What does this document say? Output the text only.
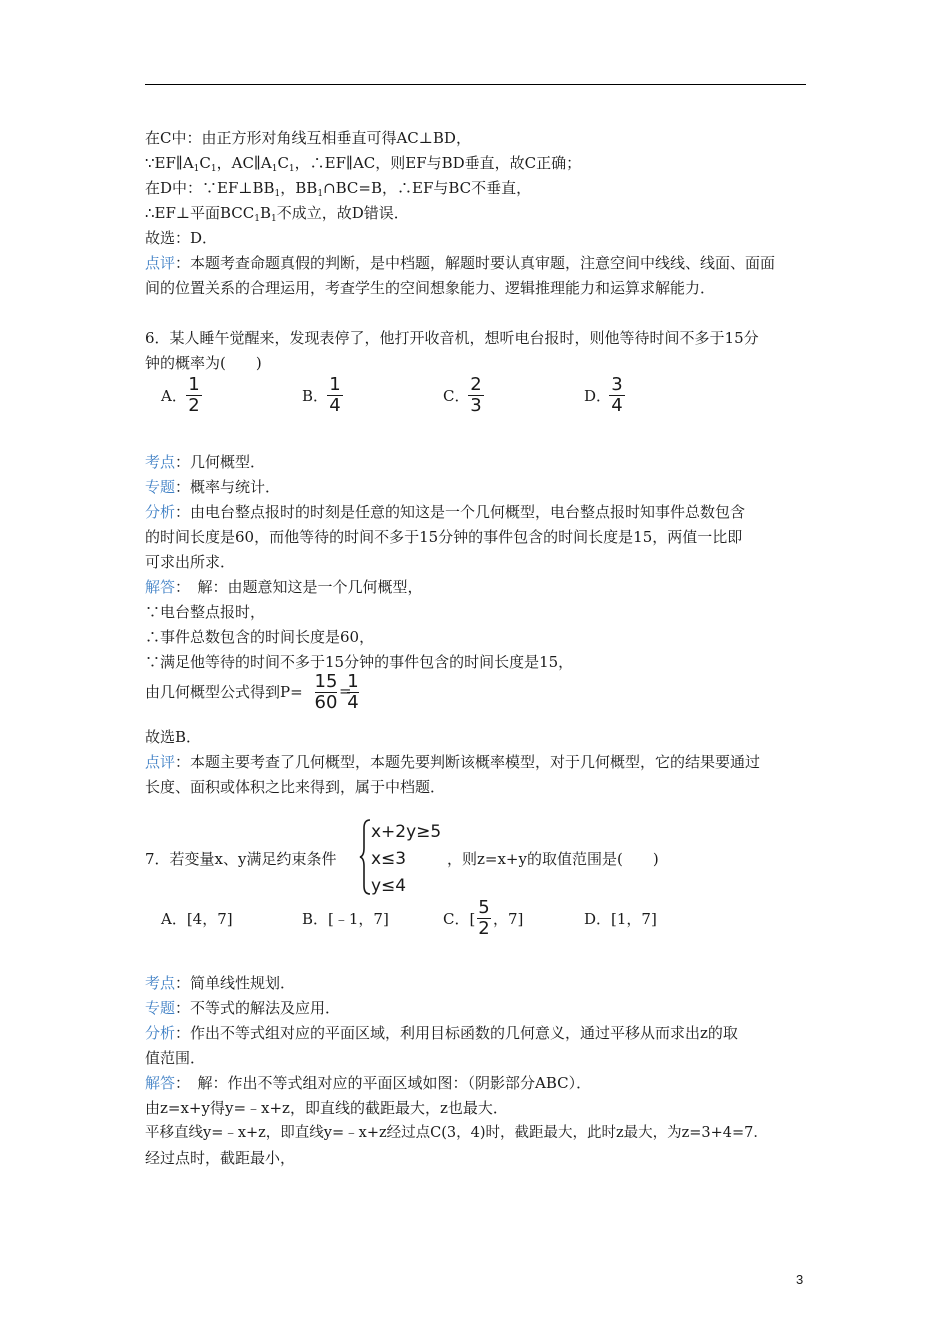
在C中：由正方形对角线互相垂直可得AC⊥BD，
$\because EF\parallel A_1C_1$，$AC\parallel A_1C_1$，∴EF∥AC，则EF与BD垂直，故C正确；
在D中：$\because EF\perp BB_1$，$BB_1\cap BC=B$，∴EF与BC不垂直，
∴EF⊥平面$BCC_1B_1$不成立，故D错误．
故选：D．
点评：本题考查命题真假的判断，是中档题，解题时要认真审题，注意空间中线线、线面、面面
间的位置关系的合理运用，考查学生的空间想象能力、逻辑推理能力和运算求解能力．
6．某人睡午觉醒来，发现表停了，他打开收音机，想听电台报时，则他等待时间不多于15分
钟的概率为(　　)
A．
1
2	B．
1
4	C．
2
3	D．
3
4
考点：几何概型．
专题：概率与统计．
分析：由电台整点报时的时刻是任意的知这是一个几何概型，电台整点报时知事件总数包含
的时间长度是60，而他等待的时间不多于15分钟的事件包含的时间长度是15，两值一比即
可求出所求．
解答：　解：由题意知这是一个几何概型，
∵电台整点报时，
∴事件总数包含的时间长度是60，
∵满足他等待的时间不多于15分钟的事件包含的时间长度是15，
由几何概型公式得到P= 15
60
=
1
4
故选B．
点评：本题主要考查了几何概型，本题先要判断该概率模型，对于几何概型，它的结果要通过
长度、面积或体积之比来得到，属于中档题．
7．若变量x、y满足约束条件
x+2y≥5
x≤3
y≤4
，则z=x+y的取值范围是(　　)
A．[4，7]	B．[﹣1，7]	C．[
5
2 ，7]	D．[1，7]
考点：简单线性规划．
专题：不等式的解法及应用．
分析：作出不等式组对应的平面区域，利用目标函数的几何意义，通过平移从而求出z的取
值范围．
解答：　解：作出不等式组对应的平面区域如图：（阴影部分ABC）．
由z=x+y得y=﹣x+z，即直线的截距最大，z也最大．
平移直线y=﹣x+z，即直线y=﹣x+z经过点C(3，4)时，截距最大，此时z最大，为z=3+4=7．
经过点时，截距最小，
3
